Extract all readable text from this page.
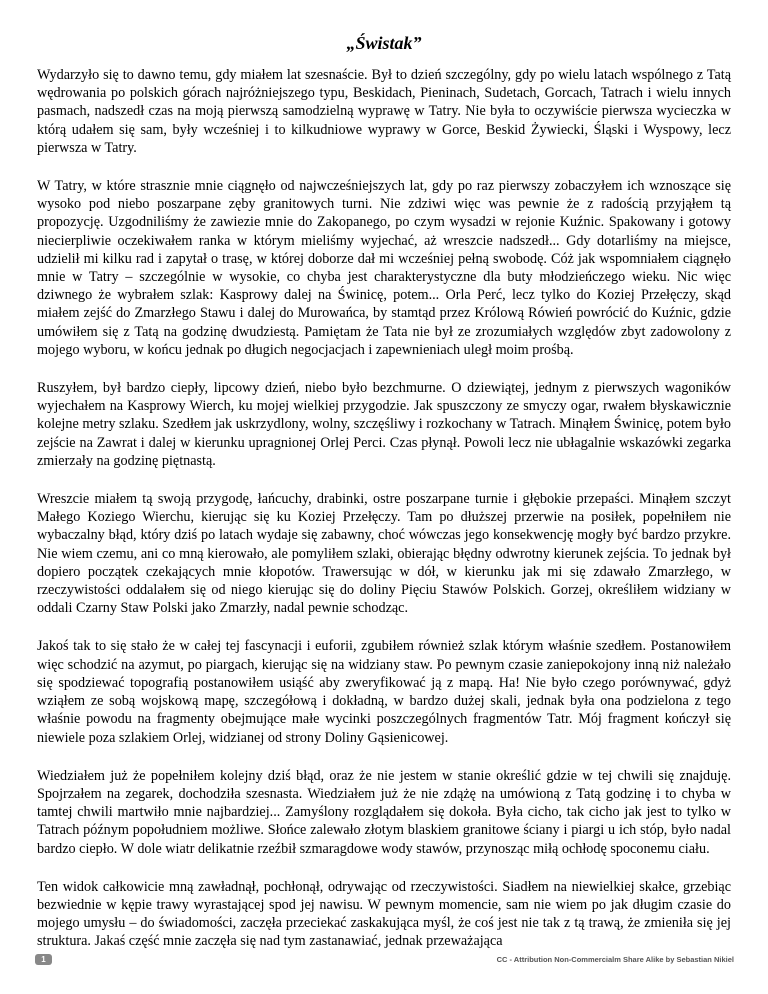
„Świstak”

Wydarzyło się to dawno temu, gdy miałem lat szesnaście. Był to dzień szczególny, gdy po wielu latach wspólnego z Tatą wędrowania po polskich górach najróżniejszego typu, Beskidach, Pieninach, Sudetach, Gorcach, Tatrach i wielu innych pasmach, nadszedł czas na moją pierwszą samodzielną wyprawę w Tatry. Nie była to oczywiście pierwsza wycieczka w którą udałem się sam, były wcześniej i to kilkudniowe wyprawy w Gorce, Beskid Żywiecki, Śląski i Wyspowy, lecz pierwsza w Tatry.

W Tatry, w które strasznie mnie ciągnęło od najwcześniejszych lat, gdy po raz pierwszy zobaczyłem ich wznoszące się wysoko pod niebo poszarpane zęby granitowych turni. Nie zdziwi więc was pewnie że z radością przyjąłem tą propozycję. Uzgodniliśmy że zawiezie mnie do Zakopanego, po czym wysadzi w rejonie Kuźnic. Spakowany i gotowy niecierpliwie oczekiwałem ranka w którym mieliśmy wyjechać, aż wreszcie nadszedł... Gdy dotarliśmy na miejsce, udzielił mi kilku rad i zapytał o trasę, w której doborze dał mi wcześniej pełną swobodę. Cóż jak wspomniałem ciągnęło mnie w Tatry – szczególnie w wysokie, co chyba jest charakterystyczne dla buty młodzieńczego wieku. Nic więc dziwnego że wybrałem szlak: Kasprowy dalej na Świnicę, potem... Orla Perć, lecz tylko do Koziej Przełęczy, skąd miałem zejść do Zmarzłego Stawu i dalej do Murowańca, by stamtąd przez Królową Rówień powrócić do Kuźnic, gdzie umówiłem się z Tatą na godzinę dwudziestą. Pamiętam że Tata nie był ze zrozumiałych względów zbyt zadowolony z mojego wyboru, w końcu jednak po długich negocjacjach i zapewnieniach uległ moim prośbą.

Ruszyłem, był bardzo ciepły, lipcowy dzień, niebo było bezchmurne. O dziewiątej, jednym z pierwszych wagoników wyjechałem na Kasprowy Wierch, ku mojej wielkiej przygodzie. Jak spuszczony ze smyczy ogar, rwałem błyskawicznie kolejne metry szlaku. Szedłem jak uskrzydlony, wolny, szczęśliwy i rozkochany w Tatrach. Minąłem Świnicę, potem było zejście na Zawrat i dalej w kierunku upragnionej Orlej Perci. Czas płynął. Powoli lecz nie ubłagalnie wskazówki zegarka zmierzały na godzinę piętnastą.

Wreszcie miałem tą swoją przygodę, łańcuchy, drabinki, ostre poszarpane turnie i głębokie przepaści. Minąłem szczyt Małego Koziego Wierchu, kierując się ku Koziej Przełęczy. Tam po dłuższej przerwie na posiłek, popełniłem nie wybaczalny błąd, który dziś po latach wydaje się zabawny, choć wówczas jego konsekwencję mogły być bardzo przykre. Nie wiem czemu, ani co mną kierowało, ale pomyliłem szlaki, obierając błędny odwrotny kierunek zejścia. To jednak był dopiero początek czekających mnie kłopotów. Trawersując w dół, w kierunku jak mi się zdawało Zmarzłego, w rzeczywistości oddalałem się od niego kierując się do doliny Pięciu Stawów Polskich. Gorzej, określiłem widziany w oddali Czarny Staw Polski jako Zmarzły, nadal pewnie schodząc.

Jakoś tak to się stało że w całej tej fascynacji i euforii, zgubiłem również szlak którym właśnie szedłem. Postanowiłem więc schodzić na azymut, po piargach, kierując się na widziany staw. Po pewnym czasie zaniepokojony inną niż należało się spodziewać topografią postanowiłem usiąść aby zweryfikować ją z mapą. Ha! Nie było czego porównywać, gdyż wziąłem ze sobą wojskową mapę, szczegółową i dokładną, w bardzo dużej skali, jednak była ona podzielona z tego właśnie powodu na fragmenty obejmujące małe wycinki poszczególnych fragmentów Tatr. Mój fragment kończył się niewiele poza szlakiem Orlej, widzianej od strony Doliny Gąsienicowej.

Wiedziałem już że popełniłem kolejny dziś błąd, oraz że nie jestem w stanie określić gdzie w tej chwili się znajduję. Spojrzałem na zegarek, dochodziła szesnasta. Wiedziałem już że nie zdążę na umówioną z Tatą godzinę i to chyba w tamtej chwili martwiło mnie najbardziej... Zamyślony rozglądałem się dokoła. Była cicho, tak cicho jak jest to tylko w Tatrach późnym popołudniem możliwe. Słońce zalewało złotym blaskiem granitowe ściany i piargi u ich stóp, było nadal bardzo ciepło. W dole wiatr delikatnie rzeźbił szmaragdowe wody stawów, przynosząc miłą ochłodę spoconemu ciału.

Ten widok całkowicie mną zawładnął, pochłonął, odrywając od rzeczywistości. Siadłem na niewielkiej skałce, grzebiąc bezwiednie w kępie trawy wyrastającej spod jej nawisu. W pewnym momencie, sam nie wiem po jak długim czasie do mojego umysłu – do świadomości, zaczęła przeciekać zaskakująca myśl, że coś jest nie tak z tą trawą, że zmieniła się jej struktura. Jakaś część mnie zaczęła się nad tym zastanawiać, jednak przeważająca

1	CC - Attribution Non-Commercialm Share Alike by Sebastian Nikiel
